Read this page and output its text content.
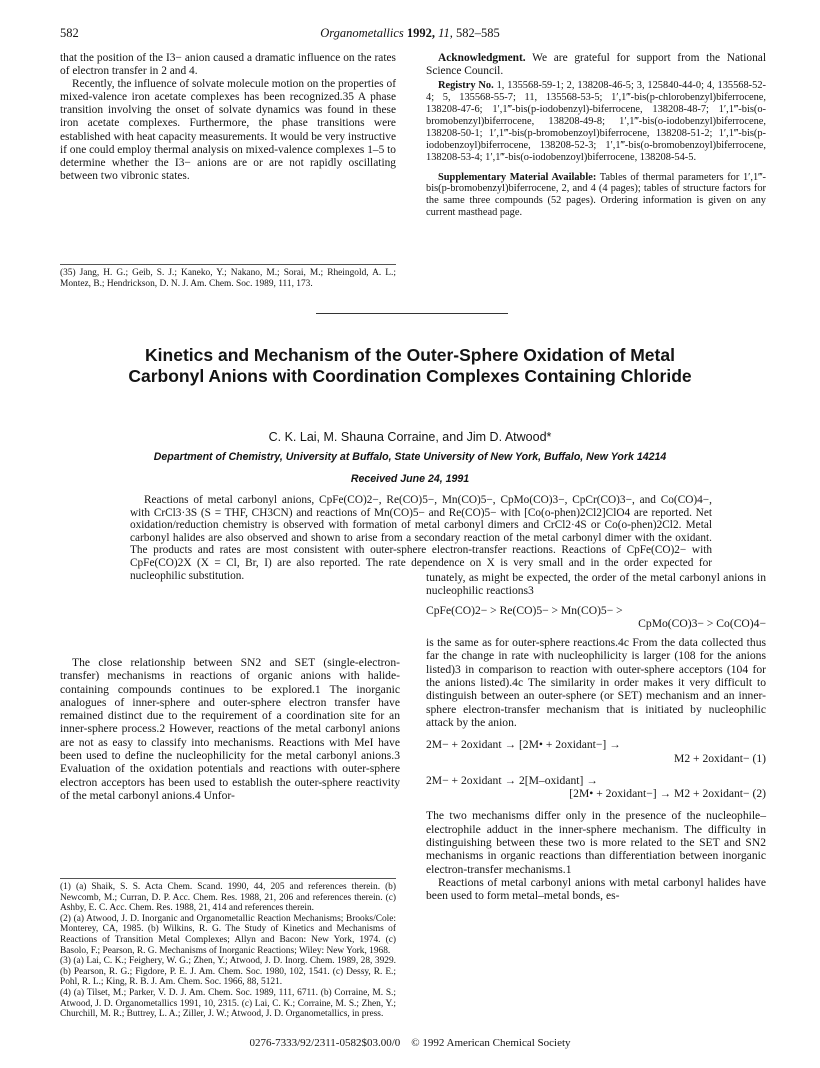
582	Organometallics 1992, 11, 582–585

that the position of the I3− anion caused a dramatic influence on the rates of electron transfer in 2 and 4.

Recently, the influence of solvate molecule motion on the properties of mixed-valence iron acetate complexes has been recognized.35 A phase transition involving the onset of solvate dynamics was found in these iron acetate complexes. Furthermore, the phase transitions were established with heat capacity measurements. It would be very instructive if one could employ thermal analysis on mixed-valence complexes 1–5 to determine whether the I3− anions are or are not rapidly oscillating between two vibronic states.

(35) Jang, H. G.; Geib, S. J.; Kaneko, Y.; Nakano, M.; Sorai, M.; Rheingold, A. L.; Montez, B.; Hendrickson, D. N. J. Am. Chem. Soc. 1989, 111, 173.

Acknowledgment. We are grateful for support from the National Science Council.

Registry No. 1, 135568-59-1; 2, 138208-46-5; 3, 125840-44-0; 4, 135568-52-4; 5, 135568-55-7; 11, 135568-53-5; 1′,1‴-bis(p-chlorobenzyl)biferrocene, 138208-47-6; 1′,1‴-bis(p-iodobenzyl)-biferrocene, 138208-48-7; 1′,1‴-bis(o-bromobenzyl)biferrocene, 138208-49-8; 1′,1‴-bis(o-iodobenzyl)biferrocene, 138208-50-1; 1′,1‴-bis(p-bromobenzoyl)biferrocene, 138208-51-2; 1′,1‴-bis(p-iodobenzoyl)biferrocene, 138208-52-3; 1′,1‴-bis(o-bromobenzoyl)biferrocene, 138208-53-4; 1′,1‴-bis(o-iodobenzoyl)biferrocene, 138208-54-5.

Supplementary Material Available: Tables of thermal parameters for 1′,1‴-bis(p-bromobenzyl)biferrocene, 2, and 4 (4 pages); tables of structure factors for the same three compounds (52 pages). Ordering information is given on any current masthead page.

Kinetics and Mechanism of the Outer-Sphere Oxidation of Metal Carbonyl Anions with Coordination Complexes Containing Chloride
C. K. Lai, M. Shauna Corraine, and Jim D. Atwood*
Department of Chemistry, University at Buffalo, State University of New York, Buffalo, New York 14214
Received June 24, 1991

Reactions of metal carbonyl anions, CpFe(CO)2−, Re(CO)5−, Mn(CO)5−, CpMo(CO)3−, CpCr(CO)3−, and Co(CO)4−, with CrCl3·3S (S = THF, CH3CN) and reactions of Mn(CO)5− and Re(CO)5− with [Co(o-phen)2Cl2]ClO4 are reported. Net oxidation/reduction chemistry is observed with formation of metal carbonyl dimers and CrCl2·4S or Co(o-phen)2Cl2. Metal carbonyl halides are also observed and shown to arise from a secondary reaction of the metal carbonyl dimer with the oxidant. The products and rates are most consistent with outer-sphere electron-transfer reactions. Reactions of CpFe(CO)2− with CpFe(CO)2X (X = Cl, Br, I) are also reported. The rate dependence on X is very small and in the order expected for nucleophilic substitution.

The close relationship between SN2 and SET (single-electron-transfer) mechanisms in reactions of organic anions with halide-containing compounds continues to be explored.1 The inorganic analogues of inner-sphere and outer-sphere electron transfer have remained distinct due to the requirement of a coordination site for an inner-sphere process.2 However, reactions of the metal carbonyl anions are not as easy to classify into mechanisms. Reactions with MeI have been used to define the nucleophilicity for the metal carbonyl anions.3 Evaluation of the oxidation potentials and reactions with outer-sphere electron acceptors has been used to establish the outer-sphere reactivity of the metal carbonyl anions.4 Unfor-

(1) (a) Shaik, S. S. Acta Chem. Scand. 1990, 44, 205 and references therein. (b) Newcomb, M.; Curran, D. P. Acc. Chem. Res. 1988, 21, 206 and references therein. (c) Ashby, E. C. Acc. Chem. Res. 1988, 21, 414 and references therein.

(2) (a) Atwood, J. D. Inorganic and Organometallic Reaction Mechanisms; Brooks/Cole: Monterey, CA, 1985. (b) Wilkins, R. G. The Study of Kinetics and Mechanisms of Reactions of Transition Metal Complexes; Allyn and Bacon: New York, 1974. (c) Basolo, F.; Pearson, R. G. Mechanisms of Inorganic Reactions; Wiley: New York, 1968.

(3) (a) Lai, C. K.; Feighery, W. G.; Zhen, Y.; Atwood, J. D. Inorg. Chem. 1989, 28, 3929. (b) Pearson, R. G.; Figdore, P. E. J. Am. Chem. Soc. 1980, 102, 1541. (c) Dessy, R. E.; Pohl, R. L.; King, R. B. J. Am. Chem. Soc. 1966, 88, 5121.

(4) (a) Tilset, M.; Parker, V. D. J. Am. Chem. Soc. 1989, 111, 6711. (b) Corraine, M. S.; Atwood, J. D. Organometallics 1991, 10, 2315. (c) Lai, C. K.; Corraine, M. S.; Zhen, Y.; Churchill, M. R.; Buttrey, L. A.; Ziller, J. W.; Atwood, J. D. Organometallics, in press.

tunately, as might be expected, the order of the metal carbonyl anions in nucleophilic reactions3

CpFe(CO)2− > Re(CO)5− > Mn(CO)5− >

CpMo(CO)3− > Co(CO)4−

is the same as for outer-sphere reactions.4c From the data collected thus far the change in rate with nucleophilicity is larger (108 for the anions listed)3 in comparison to reaction with outer-sphere acceptors (104 for the anions listed).4c The similarity in order makes it very difficult to distinguish between an outer-sphere (or SET) mechanism and an inner-sphere electron-transfer mechanism that is initiated by nucleophilic attack by the anion.

2M− + 2oxidant → [2M• + 2oxidant−] →

M2 + 2oxidant− (1)

2M− + 2oxidant → 2[M–oxidant] →

[2M• + 2oxidant−] → M2 + 2oxidant− (2)

The two mechanisms differ only in the presence of the nucleophile–electrophile adduct in the inner-sphere mechanism. The difficulty in distinguishing between these two is more related to the SET and SN2 mechanisms in organic reactions than differentiation between inorganic electron-transfer mechanisms.1

Reactions of metal carbonyl anions with metal carbonyl halides have been used to form metal–metal bonds, es-

0276-7333/92/2311-0582$03.00/0 © 1992 American Chemical Society
